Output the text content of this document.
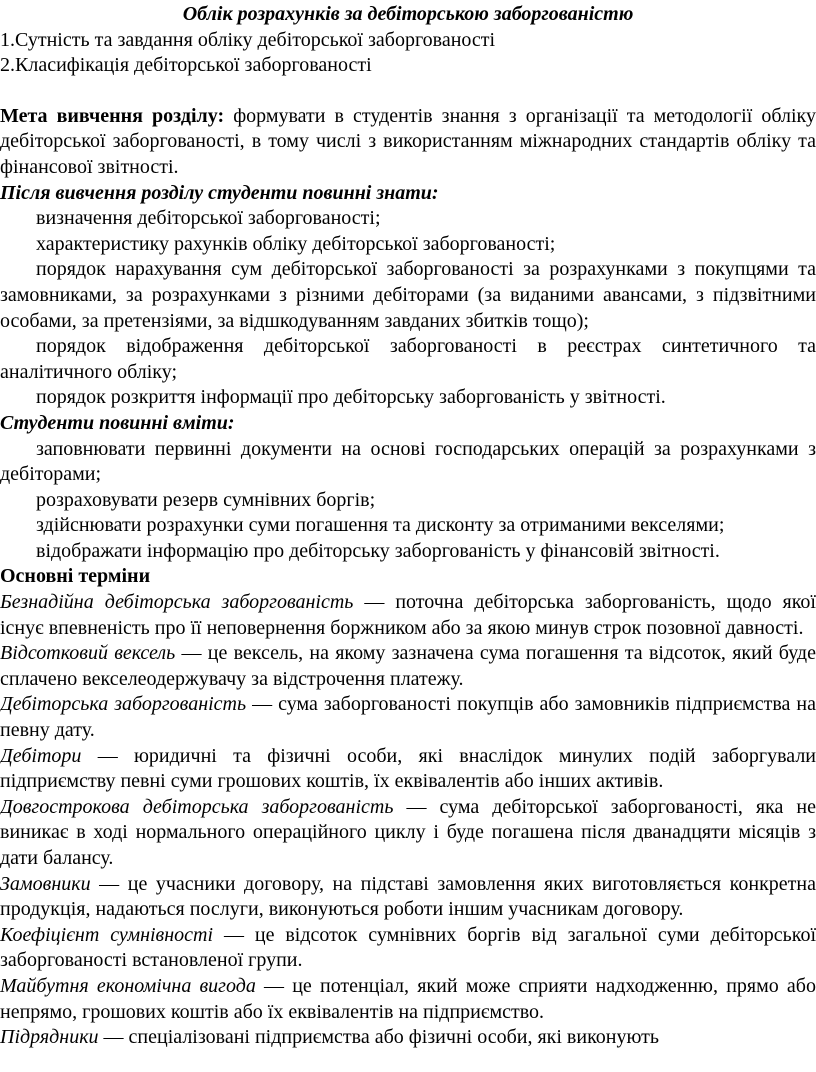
Облік розрахунків за дебіторською заборгованістю

1.Сутність та завдання обліку дебіторської заборгованості

2.Класифікація дебіторської заборгованості

Мета вивчення розділу: формувати в студентів знання з організації та методології обліку дебіторської заборгованості, в тому числі з використанням міжнародних стандартів обліку та фінансової звітності.

Після вивчення розділу студенти повинні знати:

визначення дебіторської заборгованості;

характеристику рахунків обліку дебіторської заборгованості;

порядок нарахування сум дебіторської заборгованості за розрахунками з покупцями та замовниками, за розрахунками з різними дебіторами (за виданими авансами, з підзвітними особами, за претензіями, за відшкодуванням завданих збитків тощо);

порядок відображення дебіторської заборгованості в реєстрах синтетичного та аналітичного обліку;

порядок розкриття інформації про дебіторську заборгованість у звітності.

Студенти повинні вміти:

заповнювати первинні документи на основі господарських операцій за розрахунками з дебіторами;

розраховувати резерв сумнівних боргів;

здійснювати розрахунки суми погашення та дисконту за отриманими векселями;

відображати інформацію про дебіторську заборгованість у фінансовій звітності.

Основні терміни

Безнадійна дебіторська заборгованість — поточна дебіторська заборгованість, щодо якої існує впевненість про її неповернення боржником або за якою минув строк позовної давності.

Відсотковий вексель — це вексель, на якому зазначена сума погашення та відсоток, який буде сплачено векселеодержувачу за відстрочення платежу.

Дебіторська заборгованість — сума заборгованості покупців або замовників підприємства на певну дату.

Дебітори — юридичні та фізичні особи, які внаслідок минулих подій заборгували підприємству певні суми грошових коштів, їх еквівалентів або інших активів.

Довгострокова дебіторська заборгованість — сума дебіторської заборгованості, яка не виникає в ході нормального операційного циклу і буде погашена після дванадцяти місяців з дати балансу.

Замовники — це учасники договору, на підставі замовлення яких виготовляється конкретна продукція, надаються послуги, виконуються роботи іншим учасникам договору.

Коефіцієнт сумнівності — це відсоток сумнівних боргів від загальної суми дебіторської заборгованості встановленої групи.

Майбутня економічна вигода — це потенціал, який може сприяти надходженню, прямо або непрямо, грошових коштів або їх еквівалентів на підприємство.

Підрядники — спеціалізовані підприємства або фізичні особи, які виконують
